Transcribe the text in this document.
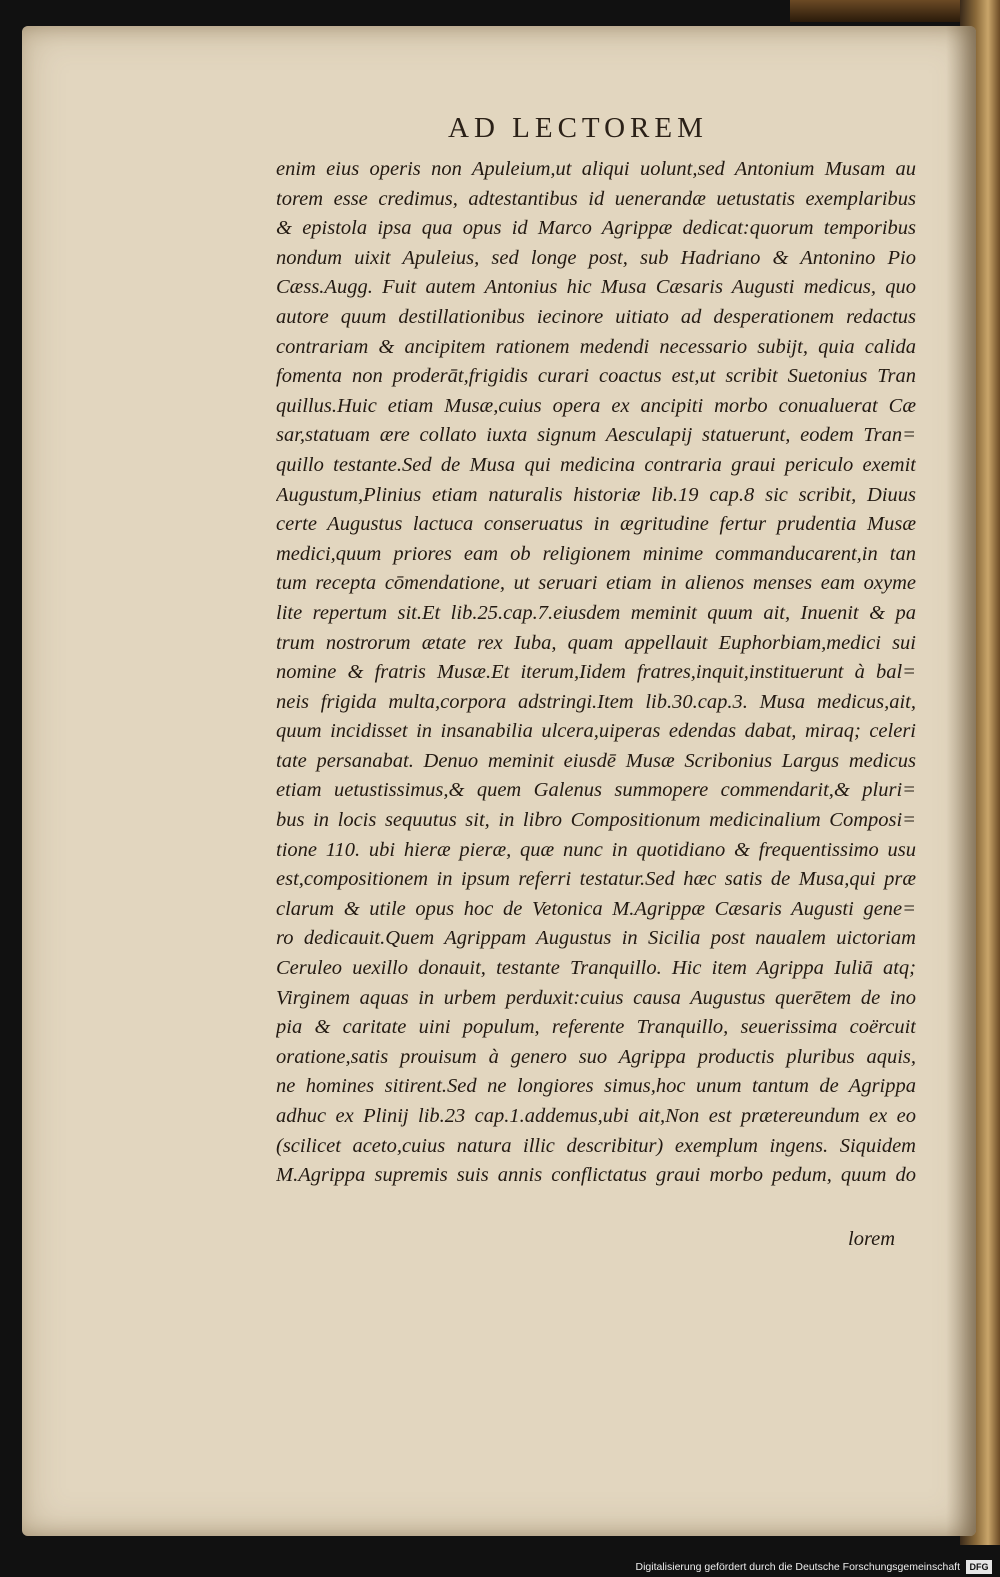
AD LECTOREM
enim eius operis non Apuleium,ut aliqui uolunt,sed Antonium Musam au
torem esse credimus, adtestantibus id uenerandæ uetustatis exemplaribus
& epistola ipsa qua opus id Marco Agrippæ dedicat:quorum temporibus
nondum uixit Apuleius, sed longe post, sub Hadriano & Antonino Pio
Cæss.Augg. Fuit autem Antonius hic Musa Cæsaris Augusti medicus, quo
autore quum destillationibus iecinore uitiato ad desperationem redactus
contrariam & ancipitem rationem medendi necessario subijt, quia calida
fomenta non proderāt,frigidis curari coactus est,ut scribit Suetonius Tran
quillus.Huic etiam Musæ,cuius opera ex ancipiti morbo conualuerat Cæ
sar,statuam ære collato iuxta signum Aesculapij statuerunt, eodem Tran=
quillo testante.Sed de Musa qui medicina contraria graui periculo exemit
Augustum,Plinius etiam naturalis historiæ lib.19 cap.8 sic scribit, Diuus
certe Augustus lactuca conseruatus in ægritudine fertur prudentia Musæ
medici,quum priores eam ob religionem minime commanducarent,in tan
tum recepta cōmendatione, ut seruari etiam in alienos menses eam oxyme
lite repertum sit.Et lib.25.cap.7.eiusdem meminit quum ait, Inuenit & pa
trum nostrorum ætate rex Iuba, quam appellauit Euphorbiam,medici sui
nomine & fratris Musæ.Et iterum,Iidem fratres,inquit,instituerunt à bal=
neis frigida multa,corpora adstringi.Item lib.30.cap.3. Musa medicus,ait,
quum incidisset in insanabilia ulcera,uiperas edendas dabat, miraq; celeri
tate persanabat. Denuo meminit eiusdē Musæ Scribonius Largus medicus
etiam uetustissimus,& quem Galenus summopere commendarit,& pluri=
bus in locis sequutus sit, in libro Compositionum medicinalium Composi=
tione 110. ubi hieræ pieræ, quæ nunc in quotidiano & frequentissimo usu
est,compositionem in ipsum referri testatur.Sed hæc satis de Musa,qui præ
clarum & utile opus hoc de Vetonica M.Agrippæ Cæsaris Augusti gene=
ro dedicauit.Quem Agrippam Augustus in Sicilia post naualem uictoriam
Ceruleo uexillo donauit, testante Tranquillo. Hic item Agrippa Iuliā atq;
Virginem aquas in urbem perduxit:cuius causa Augustus querētem de ino
pia & caritate uini populum, referente Tranquillo, seuerissima coërcuit
oratione,satis prouisum à genero suo Agrippa productis pluribus aquis,
ne homines sitirent.Sed ne longiores simus,hoc unum tantum de Agrippa
adhuc ex Plinij lib.23 cap.1.addemus,ubi ait,Non est prætereundum ex eo
(scilicet aceto,cuius natura illic describitur) exemplum ingens. Siquidem
M.Agrippa supremis suis annis conflictatus graui morbo pedum, quum do
lorem
Digitalisierung gefördert durch die Deutsche Forschungsgemeinschaft	DFG
